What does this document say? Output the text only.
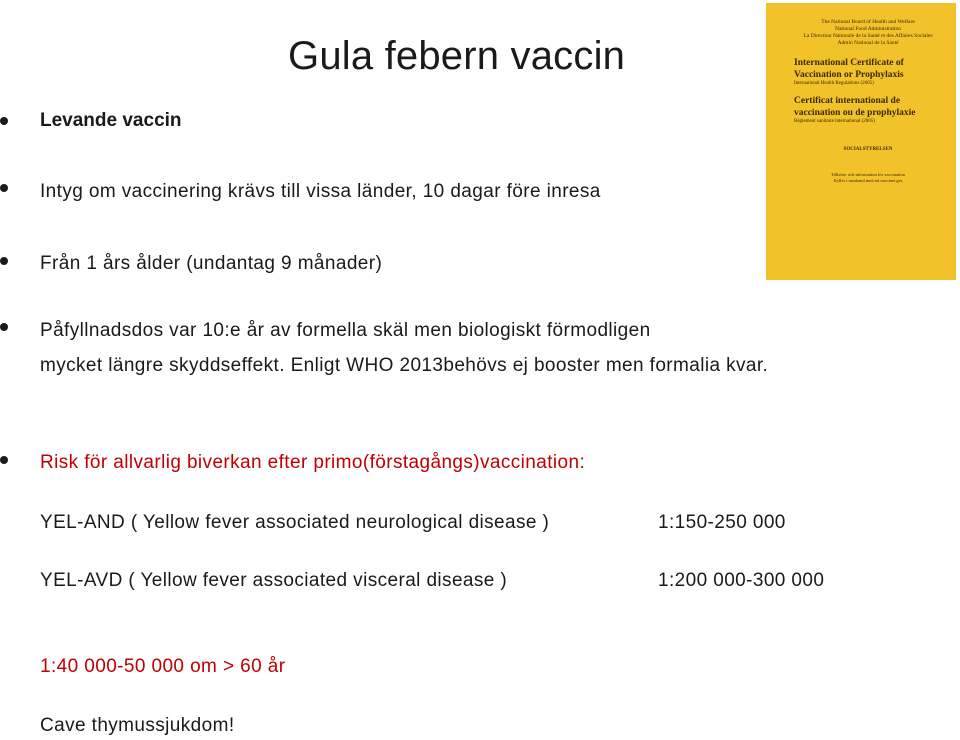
Gula febern vaccin
Levande vaccin
Intyg om vaccinering krävs till vissa länder, 10 dagar före inresa
Från 1 års ålder (undantag 9 månader)
Påfyllnadsdos var 10:e år av formella skäl men biologiskt förmodligen
mycket längre skyddseffekt. Enligt WHO 2013behövs ej booster men formalia kvar.
Risk för allvarlig biverkan efter primo(förstagångs)vaccination:
YEL-AND ( Yellow fever associated neurological disease )	1:150-250 000
YEL-AVD ( Yellow fever associated visceral disease )	1:200 000-300 000
1:40 000-50 000 om > 60 år
Cave thymussjukdom!
The National Board of Health and Welfare
National Food Administration
La Direction Nationale de la Santé et des Affaires Sociales
Admin National de la Santé
International Certificate of Vaccination or Prophylaxis
International Health Regulations (2005)
Certificat international de vaccination ou de prophylaxie
Règlement sanitaire international (2005)
SOCIALSTYRELSEN
Tillhörer och information för vaccination
Ifylles i samband med att vaccinet ges
